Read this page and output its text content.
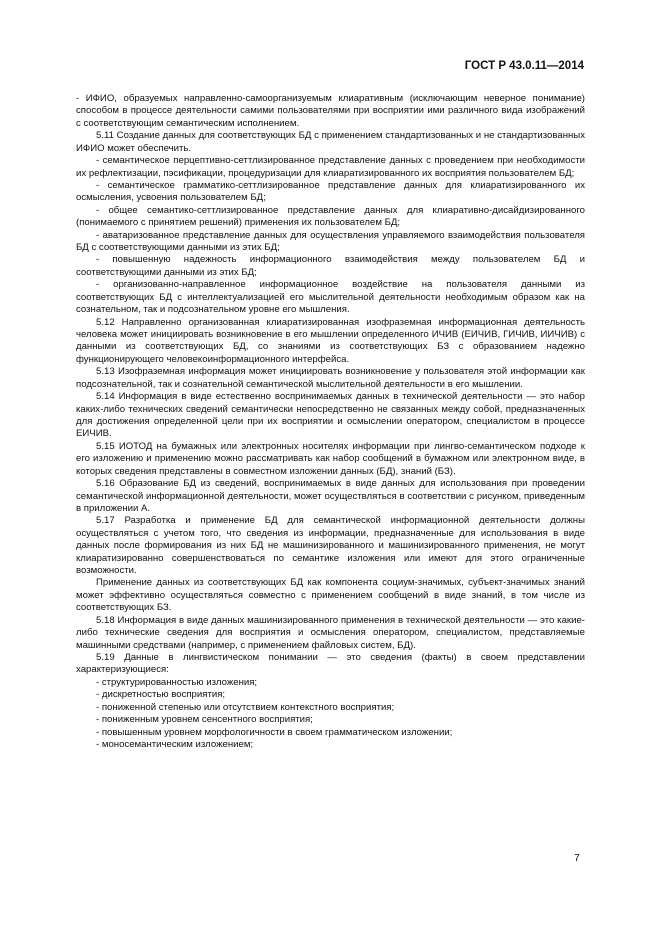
ГОСТ Р 43.0.11—2014

- ИФИО, образуемых направленно-самоорганизуемым клиаративным (исключающим неверное понимание) способом в процессе деятельности самими пользователями при восприятии ими различного вида изображений с соответствующим семантическим исполнением.

5.11 Создание данных для соответствующих БД с применением стандартизованных и не стандартизованных ИФИО может обеспечить.

- семантическое перцептивно-сеттлизированное представление данных с проведением при необходимости их рефлектизации, пэсификации, процедуризации для клиаратизированного их восприятия пользователем БД;

- семантическое грамматико-сеттлизированное представление данных для клиаратизированного их осмысления, усвоения пользователем БД;

- общее семантико-сеттлизированное представление данных для клиаративно-дисайдизированного (понимаемого с принятием решений) применения их пользователем БД;

- аватаризованное представление данных для осуществления управляемого взаимодействия пользователя БД с соответствующими данными из этих БД;

- повышенную надежность информационного взаимодействия между пользователем БД и соответствующими данными из этих БД;

- организованно-направленное информационное воздействие на пользователя данными из соответствующих БД с интеллектуализацией его мыслительной деятельности необходимым образом как на сознательном, так и подсознательном уровне его мышления.

5.12 Направленно организованная клиаратизированная изофраземная информационная деятельность человека может инициировать возникновение в его мышлении определенного ИЧИВ (ЕИЧИВ, ГИЧИВ, ИИЧИВ) с данными из соответствующих БД, со знаниями из соответствующих БЗ с образованием надежно функционирующего человекоинформационного интерфейса.

5.13 Изофраземная информация может инициировать возникновение у пользователя этой информации как подсознательной, так и сознательной семантической мыслительной деятельности в его мышлении.

5.14 Информация в виде естественно воспринимаемых данных в технической деятельности — это набор каких-либо технических сведений семантически непосредственно не связанных между собой, предназначенных для достижения определенной цели при их восприятии и осмыслении оператором, специалистом в процессе ЕИЧИВ.

5.15 ИОТОД на бумажных или электронных носителях информации при лингво-семантическом подходе к его изложению и применению можно рассматривать как набор сообщений в бумажном или электронном виде, в которых сведения представлены в совместном изложении данных (БД), знаний (БЗ).

5.16 Образование БД из сведений, воспринимаемых в виде данных для использования при проведении семантической информационной деятельности, может осуществляться в соответствии с рисунком, приведенным в приложении А.

5.17 Разработка и применение БД для семантической информационной деятельности должны осуществляться с учетом того, что сведения из информации, предназначенные для использования в виде данных после формирования из них БД не машинизированного и машинизированного применения, не могут клиаратизированно совершенствоваться по семантике изложения или имеют для этого ограниченные возможности.

Применение данных из соответствующих БД как компонента социум-значимых, субъект-значимых знаний может эффективно осуществляться совместно с применением сообщений в виде знаний, в том числе из соответствующих БЗ.

5.18 Информация в виде данных машинизированного применения в технической деятельности — это какие-либо технические сведения для восприятия и осмысления оператором, специалистом, представляемые машинными средствами (например, с применением файловых систем, БД).

5.19 Данные в лингвистическом понимании — это сведения (факты) в своем представлении характеризующиеся:

- структурированностью изложения;

- дискретностью восприятия;

- пониженной степенью или отсутствием контекстного восприятия;

- пониженным уровнем сенсентного восприятия;

- повышенным уровнем морфологичности в своем грамматическом изложении;

- моносемантическим изложением;

7
